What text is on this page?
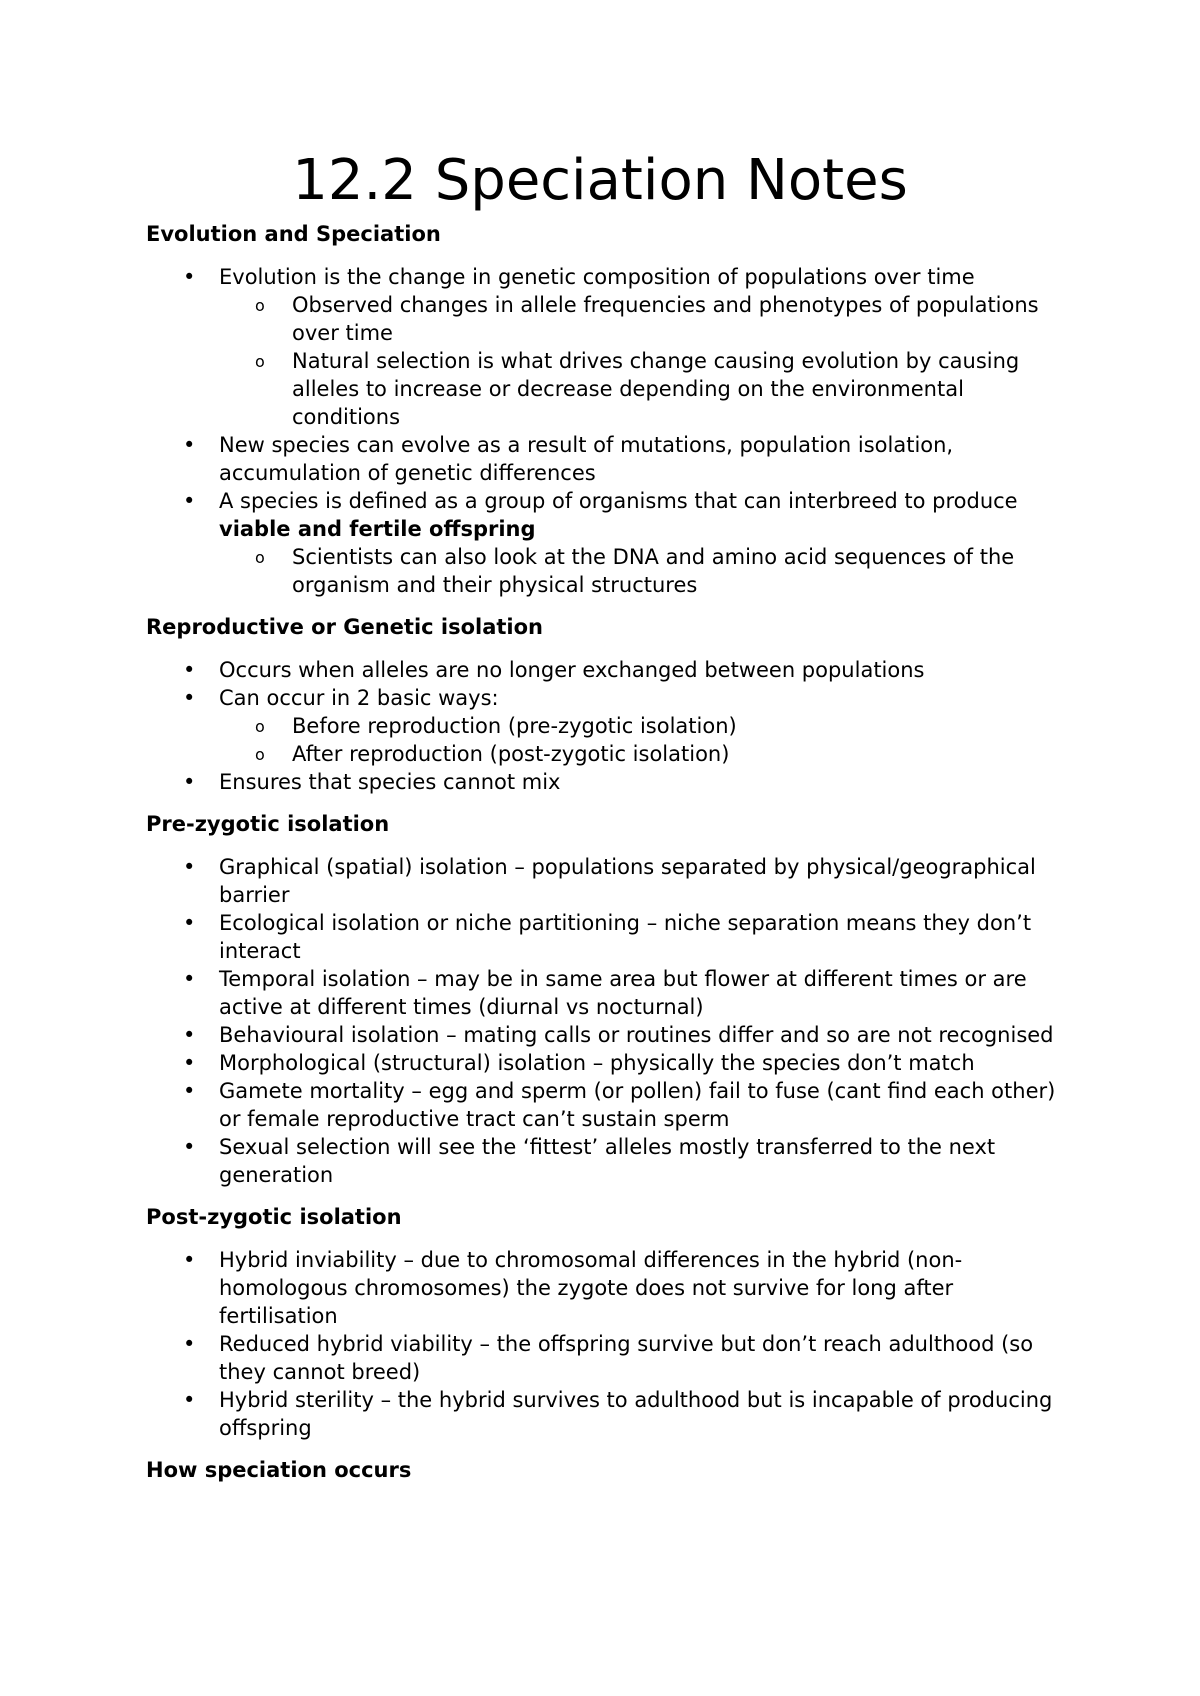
12.2 Speciation Notes
Evolution and Speciation
•	Evolution is the change in genetic composition of populations over time
o Observed changes in allele frequencies and phenotypes of populations over time
o Natural selection is what drives change causing evolution by causing alleles to increase or decrease depending on the environmental conditions
•	New species can evolve as a result of mutations, population isolation, accumulation of genetic differences
•	A species is defined as a group of organisms that can interbreed to produce viable and fertile offspring
o Scientists can also look at the DNA and amino acid sequences of the organism and their physical structures
Reproductive or Genetic isolation
•	Occurs when alleles are no longer exchanged between populations
•	Can occur in 2 basic ways:
o Before reproduction (pre-zygotic isolation)
o After reproduction (post-zygotic isolation)
•	Ensures that species cannot mix
Pre-zygotic isolation
•	Graphical (spatial) isolation – populations separated by physical/geographical barrier
•	Ecological isolation or niche partitioning – niche separation means they don’t interact
•	Temporal isolation – may be in same area but flower at different times or are active at different times (diurnal vs nocturnal)
•	Behavioural isolation – mating calls or routines differ and so are not recognised
•	Morphological (structural) isolation – physically the species don’t match
•	Gamete mortality – egg and sperm (or pollen) fail to fuse (cant find each other) or female reproductive tract can’t sustain sperm
•	Sexual selection will see the ‘fittest’ alleles mostly transferred to the next generation
Post-zygotic isolation
•	Hybrid inviability – due to chromosomal differences in the hybrid (non-homologous chromosomes) the zygote does not survive for long after fertilisation
•	Reduced hybrid viability – the offspring survive but don’t reach adulthood (so they cannot breed)
•	Hybrid sterility – the hybrid survives to adulthood but is incapable of producing offspring
How speciation occurs
